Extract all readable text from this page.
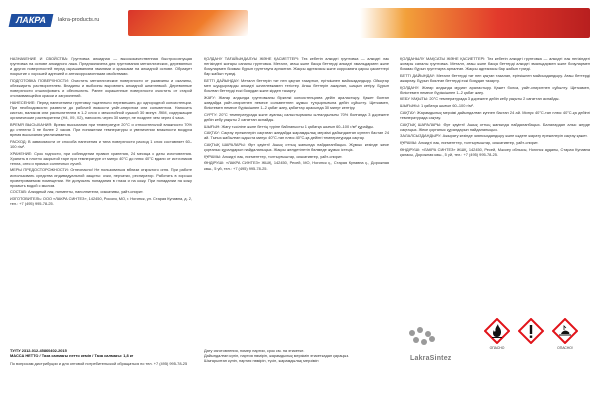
ЛАКРА	lakra-products.ru

НАЗНАЧЕНИЕ И СВОЙСТВА: Грунтовка алкидная — высококачественная быстросохнущая грунтовка на основе алкидного лака. Предназначена для грунтования металлических, деревянных и других поверхностей перед окрашиванием эмалями и красками на алкидной основе. Образует покрытие с хорошей адгезией и антикоррозионными свойствами.

ПОДГОТОВКА ПОВЕРХНОСТИ: Очистить металлические поверхности от ржавчины и окалины, обезжирить растворителем. Впадины и выбоины выровнять алкидной шпатлевкой. Деревянные поверхности отшлифовать и обеспылить. Ранее окрашенные поверхности очистить от старой отслаивающейся краски и загрязнений.

НАНЕСЕНИЕ: Перед нанесением грунтовку тщательно перемешать до однородной консистенции. При необходимости развести до рабочей вязкости уайт-спиритом или сольвентом. Наносить кистью, валиком или распылителем в 1-2 слоя с межслойной сушкой 30 минут. ЛКМ, содержащие органические растворители (Н4, Х9, Х2), наносить через 30 минут, не позднее чем через 4 часа.

ВРЕМЯ ВЫСЫХАНИЯ: Время высыхания при температуре 20°С и относительной влажности 70% до степени 3 не более 2 часов. При понижении температуры и увеличении влажности воздуха время высыхания увеличивается.

РАСХОД: В зависимости от способа нанесения и типа поверхности расход 1 слоя составляет 60–100 г/м².

ХРАНЕНИЕ: Срок годности, при соблюдении правил хранения, 24 месяца с даты изготовления. Хранить в плотно закрытой таре при температуре от минус 40°С до плюс 40°С вдали от источников тепла, огня и прямых солнечных лучей.

МЕРЫ ПРЕДОСТОРОЖНОСТИ: Огнеопасно! Не пользоваться вблизи открытого огня. При работе использовать средства индивидуальной защиты: очки, перчатки, респиратор. Работать в хорошо проветриваемом помещении. Не допускать попадания в глаза и на кожу. При попадании на кожу промыть водой с мылом.

СОСТАВ: Алкидный лак, пигменты, наполнители, сиккативы, уайт-спирит.

ИЗГОТОВИТЕЛЬ: ООО «ЛАКРА СИНТЕЗ», 142450, Россия, МО, г. Ногинск, ул. Старая Купавна, д. 2, тел.: +7 (495) 995-78-25.

ҚОЛДАНУ ТАҒАЙЫНДАЛУЫ ЖӘНЕ ҚАСИЕТТЕРІ: Тез кебетін алкидті грунтовка — алкидті лак негізіндегі жоғары сапалы грунтовка. Металл, ағаш және басқа беттерді алкидті эмальдармен және бояулармен боямас бұрын грунттауға арналған. Жақсы адгезиясы және коррозияға қарсы қасиеттері бар жабын түзеді.

БЕТТІ ДАЙЫНДАУ: Металл беттерін тат пен қақтан тазартып, еріткішпен майсыздандыру. Ойықтар мен шұңқырларды алкидті шпатлевкамен тегістеу. Ағаш беттерін ажарлап, шаңын кетіру. Бұрын боялған беттерді ескі бояудан және кірден тазарту.

ЖАҒУ: Жағар алдында грунтовканы біркелкі консистенцияға дейін араластыру. Қажет болған жағдайда уайт-спиритпен немесе сольвентпен жұмыс тұтқырлығына дейін сұйылту. Щеткамен, біліктемен немесе бүріккішпен 1–2 қабат жағу, қабаттар арасында 30 минут кептіру.

СУРТУ: 20°С температурада және ауаның салыстырмалы ылғалдылығы 70% болғанда 3 дәрежеге дейін кебу уақыты 2 сағаттан аспайды.

ШЫҒЫН: Жағу тәсіліне және беттің түріне байланысты 1 қабатқа шығын 60–100 г/м² құрайды.

САҚТАУ: Сақтау ережелерін сақтаған жағдайда жарамдылық мерзімі дайындалған күннен бастап 24 ай. Тығыз жабылған ыдыста минус 40°С-тан плюс 40°С-қа дейінгі температурада сақтау.

САҚТЫҚ ШАРАЛАРЫ: Өрт қауіпті! Ашық оттың жанында пайдаланбаңыз. Жұмыс кезінде жеке қорғаныс құралдарын пайдаланыңыз. Жақсы желдетілетін бөлмеде жұмыс істеңіз.

ҚҰРАМЫ: Алкидті лак, пигменттер, толтырғыштар, сиккативтер, уайт-спирит.

ӨНДІРУШІ: «ЛАКРА СИНТЕЗ» ЖШҚ, 142450, Ресей, МО, Ногинск қ., Старая Купавна қ., Дорожная көш., 5 үй, тел.: +7 (495) 995-78-25.

ҚОЛДАНЫЛУ МАҚСАТЫ ЖӘНЕ ҚАСИЕТТЕРІ: Тез кебетін алкидті грунтовка — алкидті лак негізіндегі жоғары сапалы грунтовка. Металл, ағаш және басқа беттерді алкидті эмальдармен және бояулармен боямас бұрын грунттауға арналған. Жақсы адгезиясы бар жабын түзеді.

БЕТТІ ДАЙЫНДАУ: Металл беттерді тат пен қақтан тазалап, еріткішпен майсыздандыру. Ағаш беттерді ажарлау. Бұрын боялған беттерді ескі бояудан тазарту.

ҚОЛДАНУ: Жағар алдында мұқият араластыру. Қажет болса, уайт-спиритпен сұйылту. Щеткамен, біліктемен немесе бүріккішпен 1–2 қабат жағу.

КЕБУ УАҚЫТЫ: 20°С температурада 3 дәрежеге дейін кебу уақыты 2 сағаттан аспайды.

ШЫҒЫНЫ: 1 қабатқа шығын 60–100 г/м².

САҚТАУ: Жарамдылық мерзімі дайындалған күннен бастап 24 ай. Минус 40°С-тан плюс 40°С-қа дейінгі температурада сақтау.

САҚТЫҚ ШАРАЛАРЫ: Өрт қауіпті! Ашық оттың жанында пайдаланбаңыз. Балалардан алыс жерде сақтаңыз. Жеке қорғаныс құралдарын пайдаланыңыз.

ЗАЛАЛСЫЗДАНДЫРУ: Ажырату кезінде зиянсыздандыру және кәдеге жарату ережелерін сақтау қажет.

ҚҰРАМЫ: Алкидті лак, пигменттер, толтырғыштар, сиккативтер, уайт-спирит.

ӨНДІРУШІ: «ЛАКРА СИНТЕЗ» ЖШҚ, 142450, Ресей, Мәскеу облысы, Ногинск ауданы, Старая Купавна қаласы, Дорожная көш., 5 үй, тел.: +7 (495) 995-78-25.

ТУ/ТУ 2312-012-45860402-2015
МАССА НЕТТО / Таза салмағы нетто кемін / Таза салмағы: 1,8 кг
По вопросам дистрибуции и для оптовой потребительской обращаться по тел. +7 (495) 995-78-25
Дату изготовления, номер партии, срок см. на этикетке.
Дайындалған күнін, партия нөмірін, жарамдылық мерзімін этикеткадан қараңыз.
Шығарылған күнін, партия нөмірін, түсін, жарамдылық мерзімін	LakraSintez
ОПАСНО	ОПАСНО!
